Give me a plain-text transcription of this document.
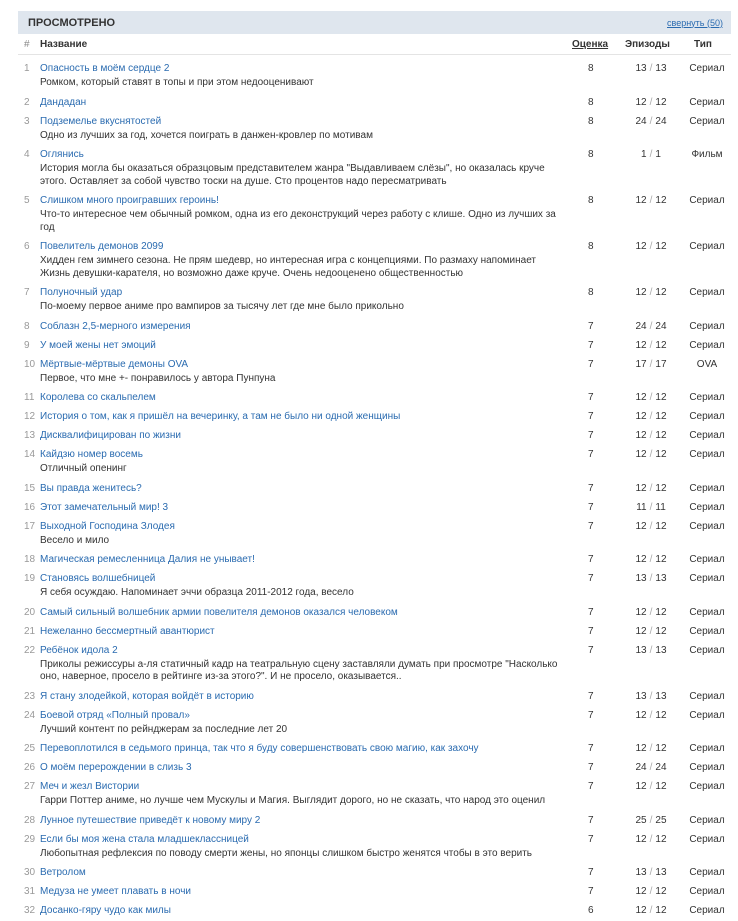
ПРОСМОТРЕНО	свернуть (50)
# Название	Оценка Эпизоды Тип
1 Опасность в моём сердце 2
Ромком, который ставят в топы и при этом недооценивают
8	13 / 13	Сериал
2 Дандадан	8	12 / 12	Сериал
3 Подземелье вкуснятостей
Одно из лучших за год, хочется поиграть в данжен-кровлер по мотивам
8	24 / 24	Сериал
4 Оглянись
История могла бы оказаться образцовым представителем жанра "Выдавливаем слёзы", но оказалась круче этого. Оставляет за собой чувство тоски на душе. Сто процентов надо пересматривать
8	1 / 1	Фильм
5 Слишком много проигравших героинь!
Что-то интересное чем обычный ромком, одна из его деконструкций через работу с клише. Одно из лучших за год
8	12 / 12	Сериал
6 Повелитель демонов 2099
Хидден гем зимнего сезона. Не прям шедевр, но интересная игра с концепциями. По размаху напоминает Жизнь девушки-карателя, но возможно даже круче. Очень недооценено общественностью
8	12 / 12	Сериал
7 Полуночный удар
По-моему первое аниме про вампиров за тысячу лет где мне было прикольно
8	12 / 12	Сериал
8 Соблазн 2,5-мерного измерения	7	24 / 24	Сериал
9 У моей жены нет эмоций	7	12 / 12	Сериал
10 Мёртвые-мёртвые демоны OVA
Первое, что мне +- понравилось у автора Пунпуна
7	17 / 17	OVA
11 Королева со скальпелем	7	12 / 12	Сериал
12 История о том, как я пришёл на вечеринку, а там не было ни одной женщины	7	12 / 12	Сериал
13 Дисквалифицирован по жизни	7	12 / 12	Сериал
14 Кайдзю номер восемь
Отличный опенинг
7	12 / 12	Сериал
15 Вы правда женитесь?	7	12 / 12	Сериал
16 Этот замечательный мир! 3	7	11 / 11	Сериал
17 Выходной Господина Злодея
Весело и мило
7	12 / 12	Сериал
18 Магическая ремесленница Далия не унывает!	7	12 / 12	Сериал
19 Становясь волшебницей
Я себя осуждаю. Напоминает эччи образца 2011-2012 года, весело
7	13 / 13	Сериал
20 Самый сильный волшебник армии повелителя демонов оказался человеком	7	12 / 12	Сериал
21 Нежеланно бессмертный авантюрист	7	12 / 12	Сериал
22 Ребёнок идола 2
Приколы режиссуры а-ля статичный кадр на театральную сцену заставляли думать при просмотре "Насколько оно, наверное, просело в рейтинге из-за этого?". И не просело, оказывается..
7	13 / 13	Сериал
23 Я стану злодейкой, которая войдёт в историю	7	13 / 13	Сериал
24 Боевой отряд «Полный провал»
Лучший контент по рейнджерам за последние лет 20
7	12 / 12	Сериал
25 Перевоплотился в седьмого принца, так что я буду совершенствовать свою магию, как захочу	7	12 / 12	Сериал
26 О моём перерождении в слизь 3	7	24 / 24	Сериал
27 Меч и жезл Вистории
Гарри Поттер аниме, но лучше чем Мускулы и Магия. Выглядит дорого, но не сказать, что народ это оценил
7	12 / 12	Сериал
28 Лунное путешествие приведёт к новому миру 2	7	25 / 25	Сериал
29 Если бы моя жена стала младшеклассницей
Любопытная рефлексия по поводу смерти жены, но японцы слишком быстро женятся чтобы в это верить
7	12 / 12	Сериал
30 Ветролом	7	13 / 13	Сериал
31 Медуза не умеет плавать в ночи	7	12 / 12	Сериал
32 Досанко-гяру чудо как милы	6	12 / 12	Сериал
